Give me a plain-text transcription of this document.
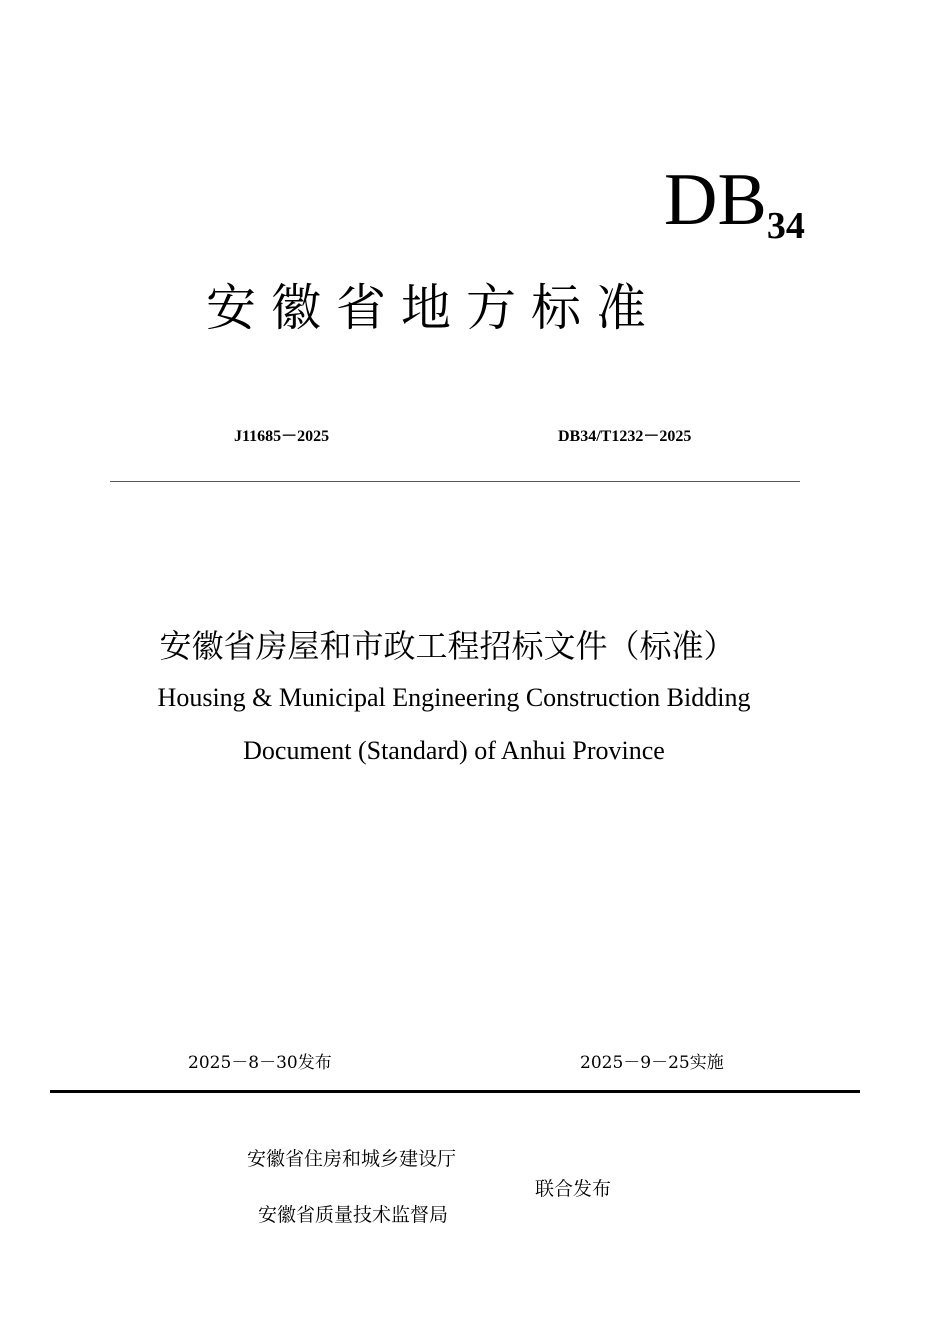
$DB_{34}$
安徽省地方标准
J11685－2025	DB34/T1232－2025
安徽省房屋和市政工程招标文件（标准）
Housing & Municipal Engineering Construction Bidding
Document (Standard) of Anhui Province
2025－8－30发布	2025－9－25实施
安徽省住房和城乡建设厅
安徽省质量技术监督局
联合发布
